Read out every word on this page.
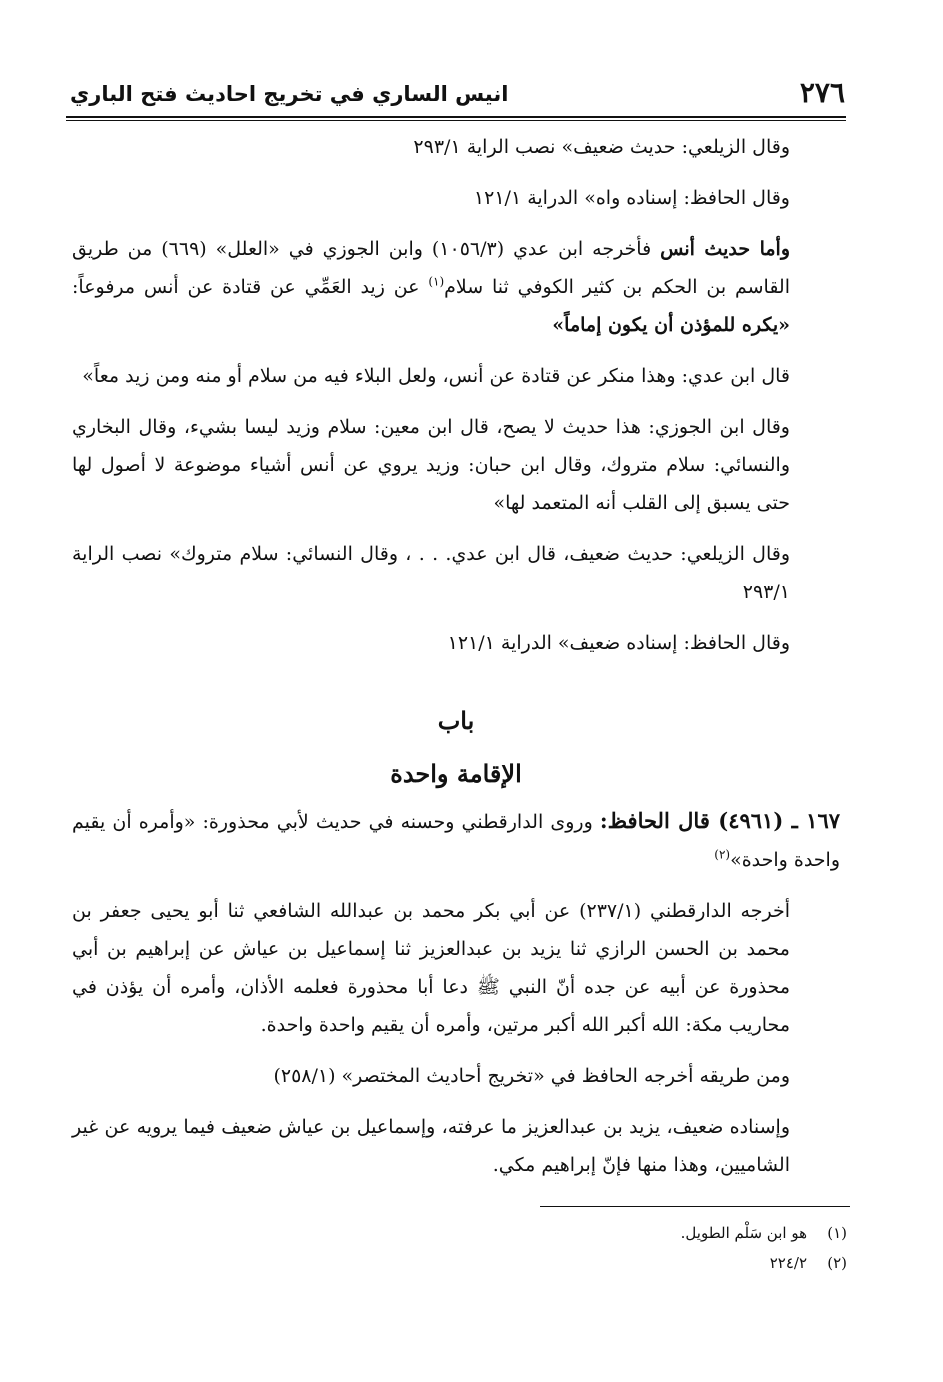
٢٧٦
انيس الساري في تخريج احاديث فتح الباري

وقال الزيلعي: حديث ضعيف» نصب الراية ٢٩٣/١

وقال الحافظ: إسناده واه» الدراية ١٢١/١

وأما حديث أنس فأخرجه ابن عدي (١٠٥٦/٣) وابن الجوزي في «العلل» (٦٦٩) من طريق القاسم بن الحكم بن كثير الكوفي ثنا سلام$^{(١)}$ عن زيد العَمِّي عن قتادة عن أنس مرفوعاً: «يكره للمؤذن أن يكون إماماً»

قال ابن عدي: وهذا منكر عن قتادة عن أنس، ولعل البلاء فيه من سلام أو منه ومن زيد معاً»

وقال ابن الجوزي: هذا حديث لا يصح، قال ابن معين: سلام وزيد ليسا بشيء، وقال البخاري والنسائي: سلام متروك، وقال ابن حبان: وزيد يروي عن أنس أشياء موضوعة لا أصول لها حتى يسبق إلى القلب أنه المتعمد لها»

وقال الزيلعي: حديث ضعيف، قال ابن عدي. . . ، وقال النسائي: سلام متروك» نصب الراية ٢٩٣/١

وقال الحافظ: إسناده ضعيف» الدراية ١٢١/١

باب

الإقامة واحدة

١٦٧ ـ (٤٩٦١) قال الحافظ: وروى الدارقطني وحسنه في حديث لأبي محذورة: «وأمره أن يقيم واحدة واحدة»$^{(٢)}$

أخرجه الدارقطني (٢٣٧/١) عن أبي بكر محمد بن عبدالله الشافعي ثنا أبو يحيى جعفر بن محمد بن الحسن الرازي ثنا يزيد بن عبدالعزيز ثنا إسماعيل بن عياش عن إبراهيم بن أبي محذورة عن أبيه عن جده أنّ النبي ﷺ دعا أبا محذورة فعلمه الأذان، وأمره أن يؤذن في محاريب مكة: الله أكبر الله أكبر مرتين، وأمره أن يقيم واحدة واحدة.

ومن طريقه أخرجه الحافظ في «تخريج أحاديث المختصر» (٢٥٨/١)

وإسناده ضعيف، يزيد بن عبدالعزيز ما عرفته، وإسماعيل بن عياش ضعيف فيما يرويه عن غير الشاميين، وهذا منها فإنّ إبراهيم مكي.

(١)هو ابن سَلْم الطويل.
(٢)٢٢٤/٢
